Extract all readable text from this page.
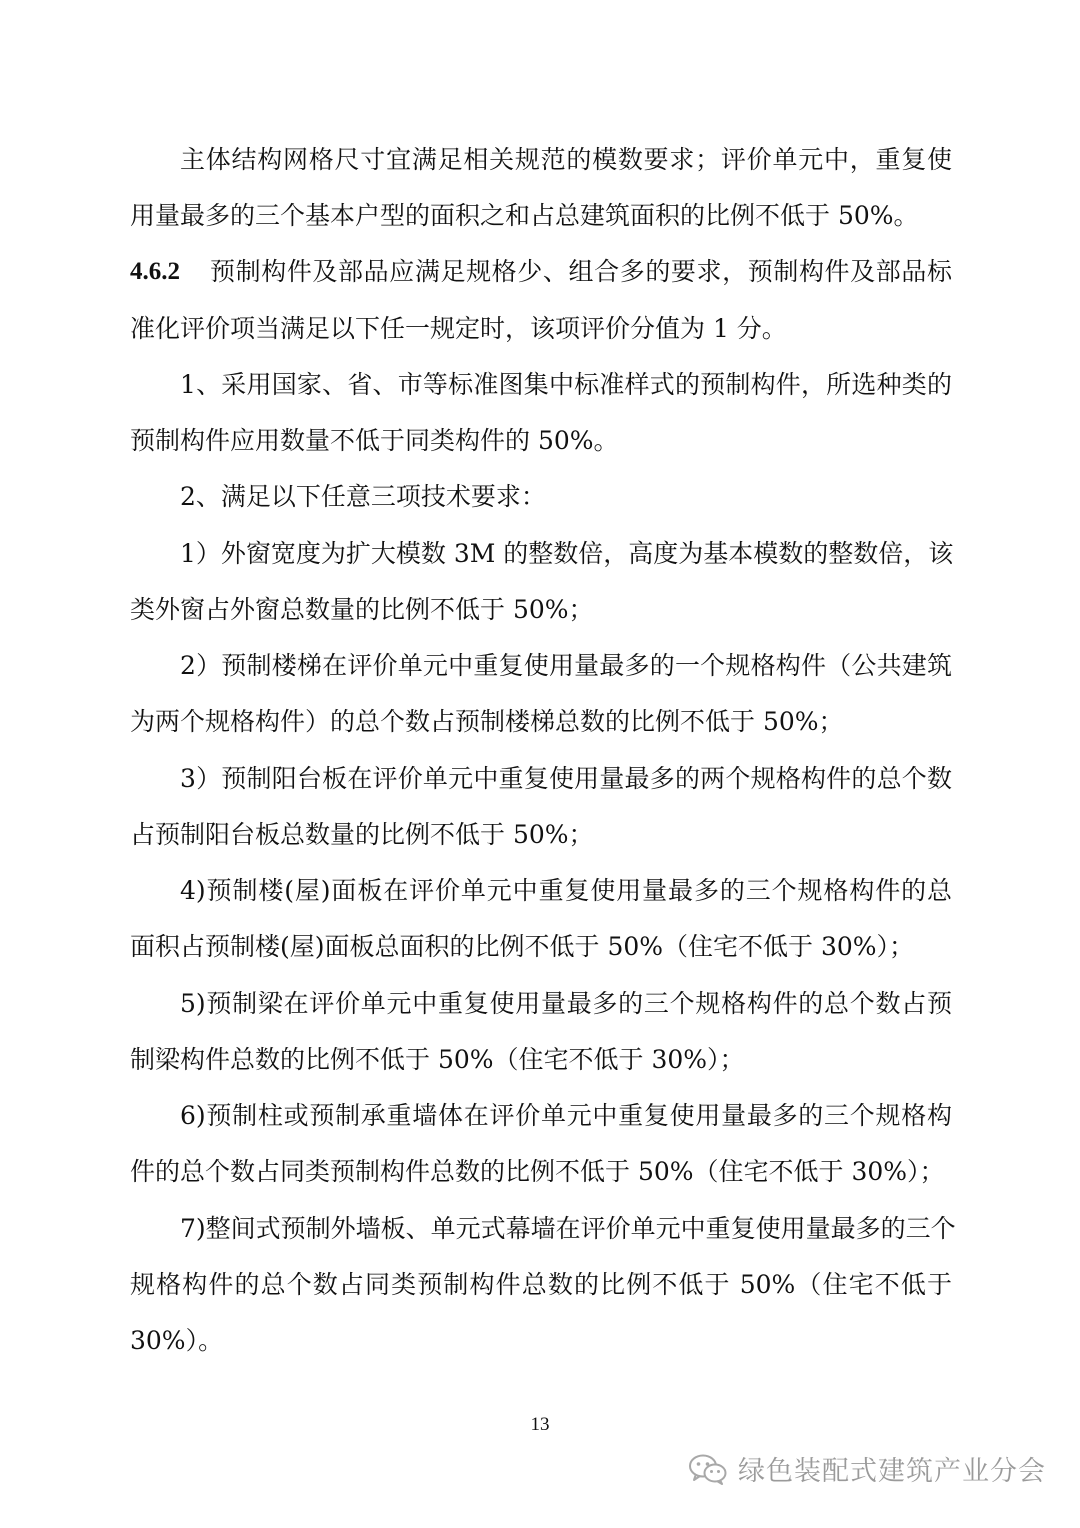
主体结构网格尺寸宜满足相关规范的模数要求；评价单元中，重复使
用量最多的三个基本户型的面积之和占总建筑面积的比例不低于 50%。
4.6.2	预制构件及部品应满足规格少、组合多的要求，预制构件及部品标
准化评价项当满足以下任一规定时，该项评价分值为 1 分。
1、采用国家、省、市等标准图集中标准样式的预制构件，所选种类的
预制构件应用数量不低于同类构件的 50%。
2、满足以下任意三项技术要求：
1）外窗宽度为扩大模数 3M 的整数倍，高度为基本模数的整数倍，该
类外窗占外窗总数量的比例不低于 50%；
2）预制楼梯在评价单元中重复使用量最多的一个规格构件（公共建筑
为两个规格构件）的总个数占预制楼梯总数的比例不低于 50%；
3）预制阳台板在评价单元中重复使用量最多的两个规格构件的总个数
占预制阳台板总数量的比例不低于 50%；
4)预制楼(屋)面板在评价单元中重复使用量最多的三个规格构件的总
面积占预制楼(屋)面板总面积的比例不低于 50%（住宅不低于 30%）；
5)预制梁在评价单元中重复使用量最多的三个规格构件的总个数占预
制梁构件总数的比例不低于 50%（住宅不低于 30%）；
6)预制柱或预制承重墙体在评价单元中重复使用量最多的三个规格构
件的总个数占同类预制构件总数的比例不低于 50%（住宅不低于 30%）；
7)整间式预制外墙板、单元式幕墙在评价单元中重复使用量最多的三个
规格构件的总个数占同类预制构件总数的比例不低于 50%（住宅不低于
30%）。
13
绿色装配式建筑产业分会
